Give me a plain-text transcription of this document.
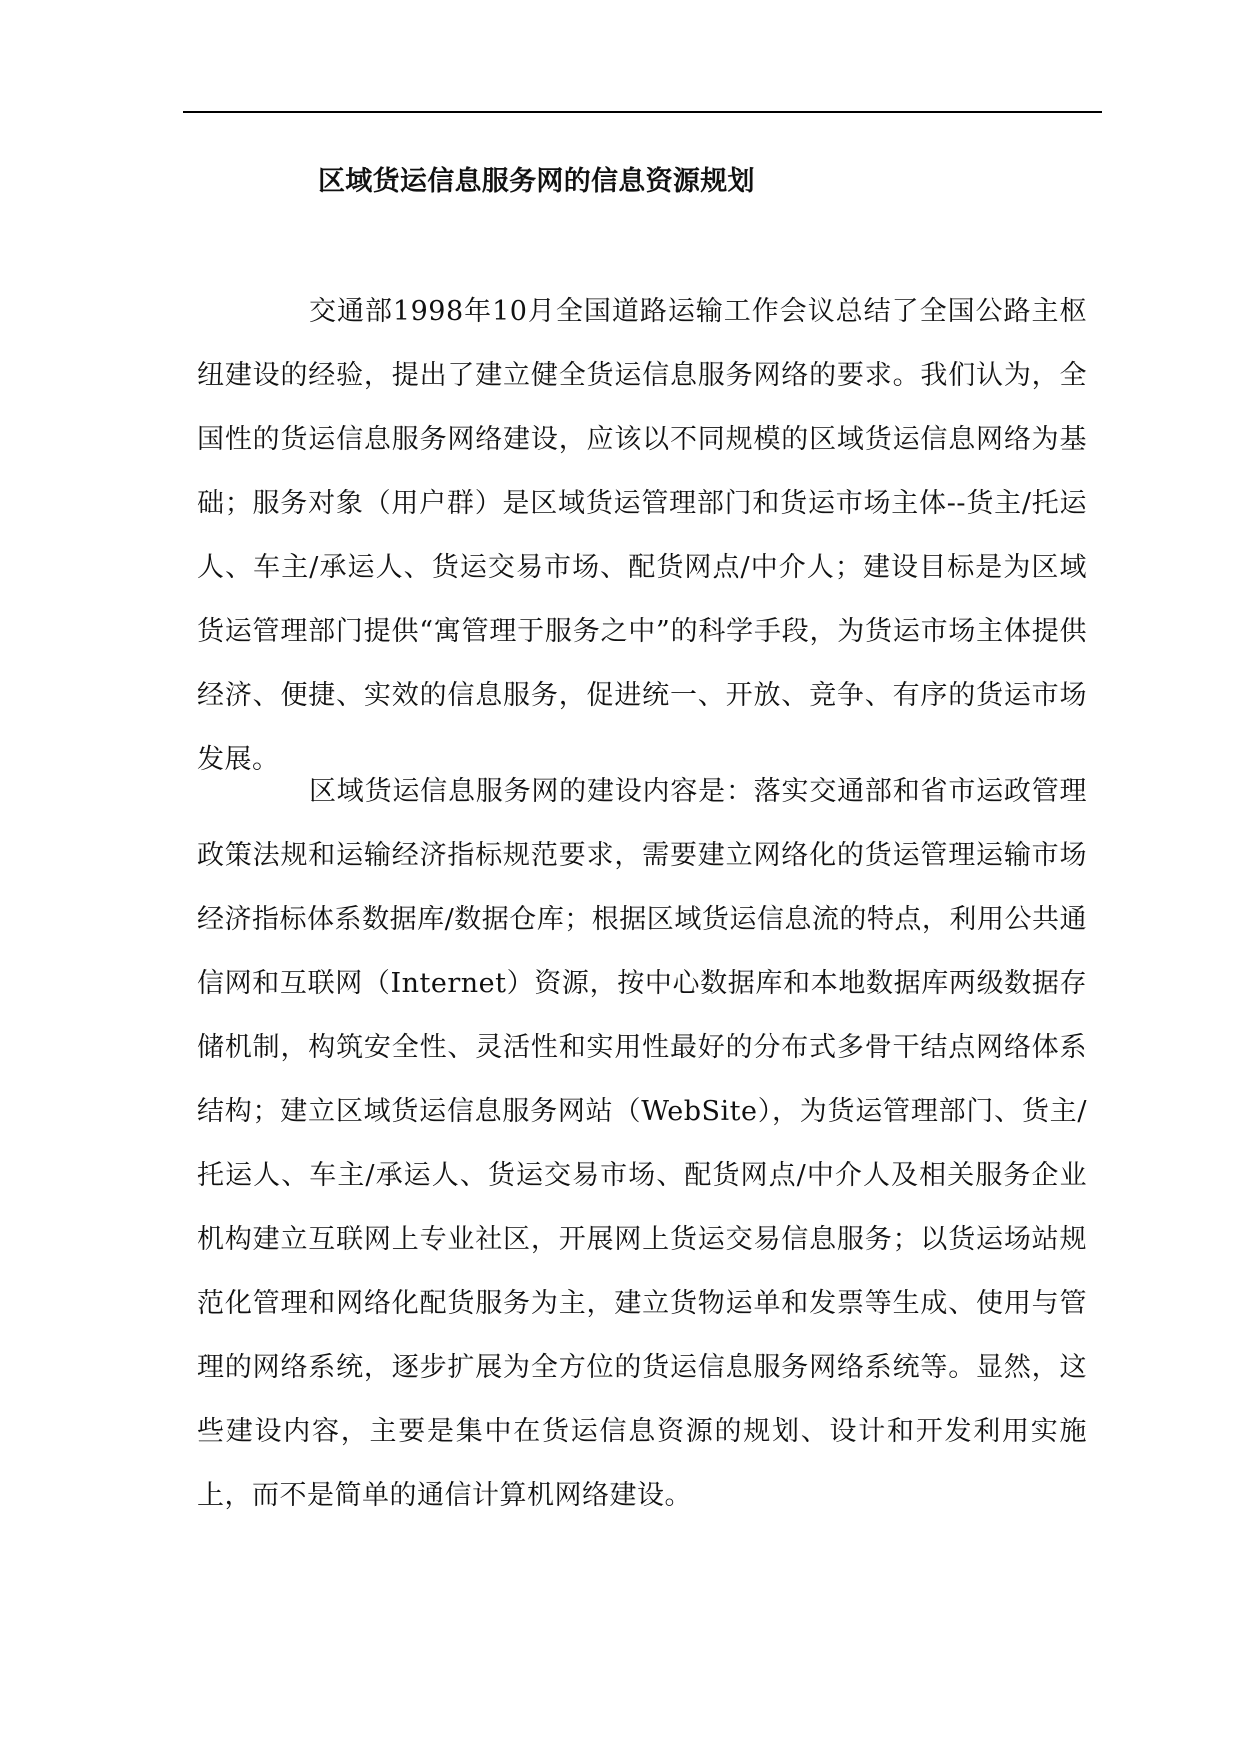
区域货运信息服务网的信息资源规划

交通部1998年10月全国道路运输工作会议总结了全国公路主枢纽建设的经验，提出了建立健全货运信息服务网络的要求。我们认为，全国性的货运信息服务网络建设，应该以不同规模的区域货运信息网络为基础；服务对象（用户群）是区域货运管理部门和货运市场主体--货主/托运人、车主/承运人、货运交易市场、配货网点/中介人；建设目标是为区域货运管理部门提供“寓管理于服务之中”的科学手段，为货运市场主体提供经济、便捷、实效的信息服务，促进统一、开放、竞争、有序的货运市场发展。

区域货运信息服务网的建设内容是：落实交通部和省市运政管理政策法规和运输经济指标规范要求，需要建立网络化的货运管理运输市场经济指标体系数据库/数据仓库；根据区域货运信息流的特点，利用公共通信网和互联网（Internet）资源，按中心数据库和本地数据库两级数据存储机制，构筑安全性、灵活性和实用性最好的分布式多骨干结点网络体系结构；建立区域货运信息服务网站（WebSite），为货运管理部门、货主/托运人、车主/承运人、货运交易市场、配货网点/中介人及相关服务企业机构建立互联网上专业社区，开展网上货运交易信息服务；以货运场站规范化管理和网络化配货服务为主，建立货物运单和发票等生成、使用与管理的网络系统，逐步扩展为全方位的货运信息服务网络系统等。显然，这些建设内容，主要是集中在货运信息资源的规划、设计和开发利用实施上，而不是简单的通信计算机网络建设。
